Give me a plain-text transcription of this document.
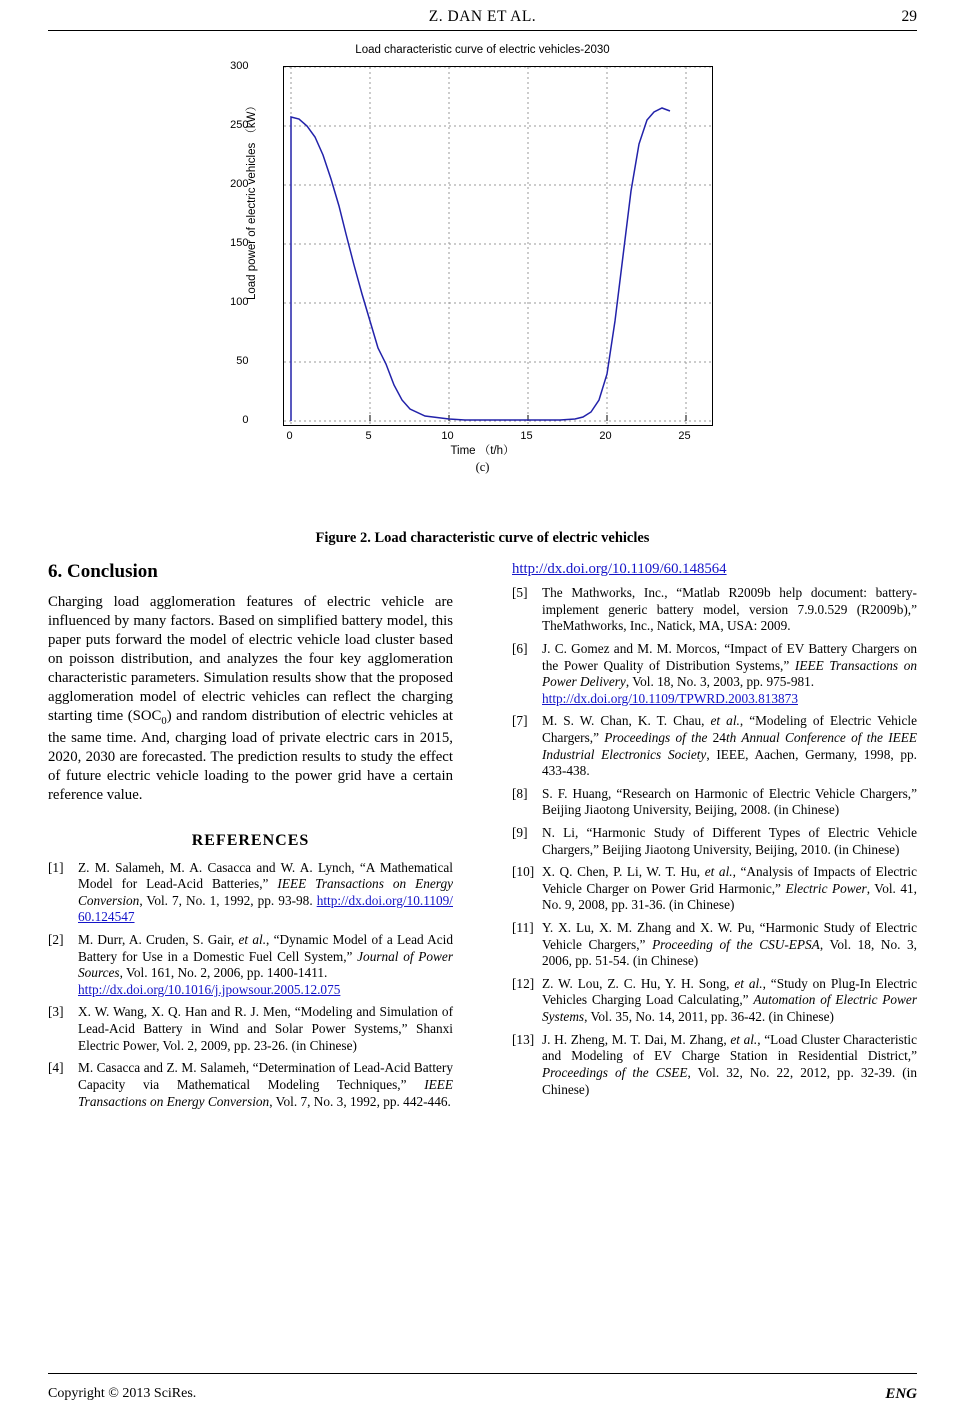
Z. DAN ET AL.	29
Load characteristic curve of electric vehicles-2030
Load power of electric vehicles （kW）
300
250
200
150
100
50
0
0	5	10	15	20	25
Time （t/h）
(c)
Figure 2. Load characteristic curve of electric vehicles
6. Conclusion

Charging load agglomeration features of electric vehicle are influenced by many factors. Based on simplified battery model, this paper puts forward the model of electric vehicle load cluster based on poisson distribution, and analyzes the four key agglomeration characteristic parameters. Simulation results show that the proposed agglomeration model of electric vehicles can reflect the charging starting time $(SOC_0)$ and random distribution of electric vehicles at the same time. And, charging load of private electric cars in 2015, 2020, 2030 are forecasted. The prediction results to study the effect of future electric vehicle loading to the power grid have a certain reference value.

REFERENCES
[1]	Z. M. Salameh, M. A. Casacca and W. A. Lynch, “A Mathematical Model for Lead-Acid Batteries,” IEEE Transactions on Energy Conversion, Vol. 7, No. 1, 1992, pp. 93-98. http://dx.doi.org/10.1109/60.124547
[2]	M. Durr, A. Cruden, S. Gair, et al., “Dynamic Model of a Lead Acid Battery for Use in a Domestic Fuel Cell System,” Journal of Power Sources, Vol. 161, No. 2, 2006, pp. 1400-1411.
http://dx.doi.org/10.1016/j.jpowsour.2005.12.075
[3]	X. W. Wang, X. Q. Han and R. J. Men, “Modeling and Simulation of Lead-Acid Battery in Wind and Solar Power Systems,” Shanxi Electric Power, Vol. 2, 2009, pp. 23-26. (in Chinese)
[4]	M. Casacca and Z. M. Salameh, “Determination of Lead-Acid Battery Capacity via Mathematical Modeling Techniques,” IEEE Transactions on Energy Conversion, Vol. 7, No. 3, 1992, pp. 442-446.
http://dx.doi.org/10.1109/60.148564
[5]	The Mathworks, Inc., “Matlab R2009b help document: battery-implement generic battery model, version 7.9.0.529 (R2009b),” TheMathworks, Inc., Natick, MA, USA: 2009.
[6]	J. C. Gomez and M. M. Morcos, “Impact of EV Battery Chargers on the Power Quality of Distribution Systems,” IEEE Transactions on Power Delivery, Vol. 18, No. 3, 2003, pp. 975-981.
http://dx.doi.org/10.1109/TPWRD.2003.813873
[7]	M. S. W. Chan, K. T. Chau, et al., “Modeling of Electric Vehicle Chargers,” Proceedings of the 24th Annual Conference of the IEEE Industrial Electronics Society, IEEE, Aachen, Germany, 1998, pp. 433-438.
[8]	S. F. Huang, “Research on Harmonic of Electric Vehicle Chargers,” Beijing Jiaotong University, Beijing, 2008. (in Chinese)
[9]	N. Li, “Harmonic Study of Different Types of Electric Vehicle Chargers,” Beijing Jiaotong University, Beijing, 2010. (in Chinese)
[10] X. Q. Chen, P. Li, W. T. Hu, et al., “Analysis of Impacts of Electric Vehicle Charger on Power Grid Harmonic,” Electric Power, Vol. 41, No. 9, 2008, pp. 31-36. (in Chinese)
[11] Y. X. Lu, X. M. Zhang and X. W. Pu, “Harmonic Study of Electric Vehicle Chargers,” Proceeding of the CSU-EPSA, Vol. 18, No. 3, 2006, pp. 51-54. (in Chinese)
[12] Z. W. Lou, Z. C. Hu, Y. H. Song, et al., “Study on Plug-In Electric Vehicles Charging Load Calculating,” Automation of Electric Power Systems, Vol. 35, No. 14, 2011, pp. 36-42. (in Chinese)
[13] J. H. Zheng, M. T. Dai, M. Zhang, et al., “Load Cluster Characteristic and Modeling of EV Charge Station in Residential District,” Proceedings of the CSEE, Vol. 32, No. 22, 2012, pp. 32-39. (in Chinese)
Copyright © 2013 SciRes.	ENG
